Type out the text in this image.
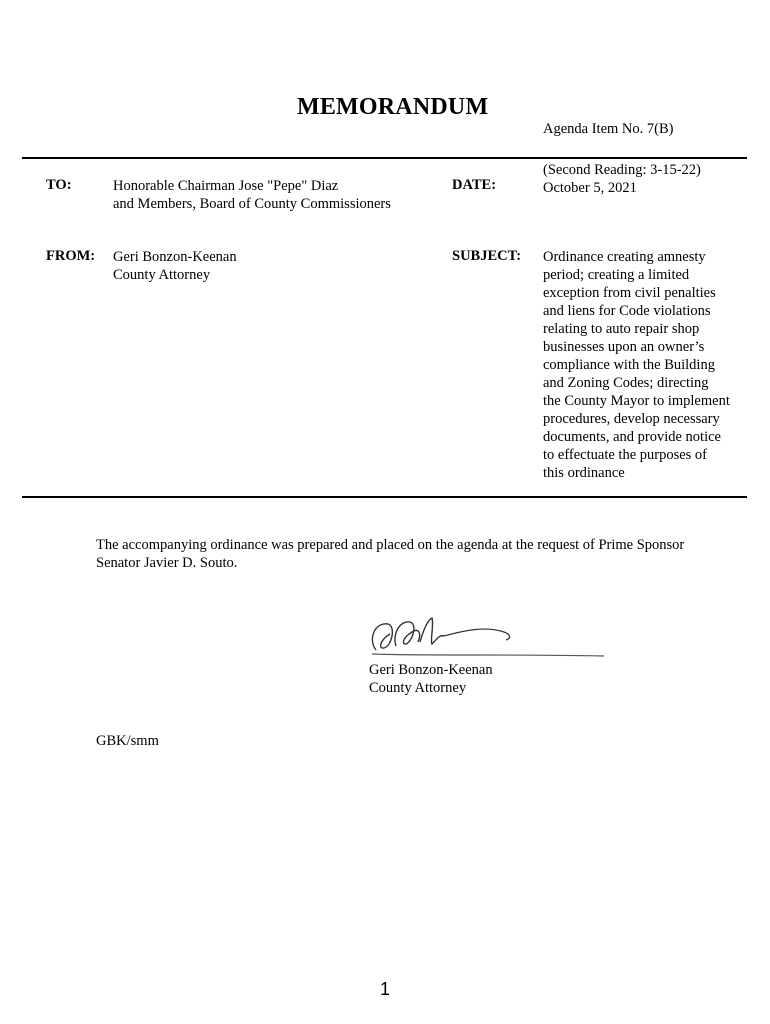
MEMORANDUM
Agenda Item No. 7(B)
TO:	Honorable Chairman Jose "Pepe" Diaz
and Members, Board of County Commissioners
DATE:
(Second Reading: 3-15-22)
October 5, 2021
FROM: Geri Bonzon-Keenan
County Attorney
SUBJECT: Ordinance creating amnesty
period; creating a limited
exception from civil penalties
and liens for Code violations
relating to auto repair shop
businesses upon an owner’s
compliance with the Building
and Zoning Codes; directing
the County Mayor to implement
procedures, develop necessary
documents, and provide notice
to effectuate the purposes of
this ordinance
The accompanying ordinance was prepared and placed on the agenda at the request of Prime Sponsor
Senator Javier D. Souto.
Geri Bonzon-Keenan
County Attorney
GBK/smm
1
